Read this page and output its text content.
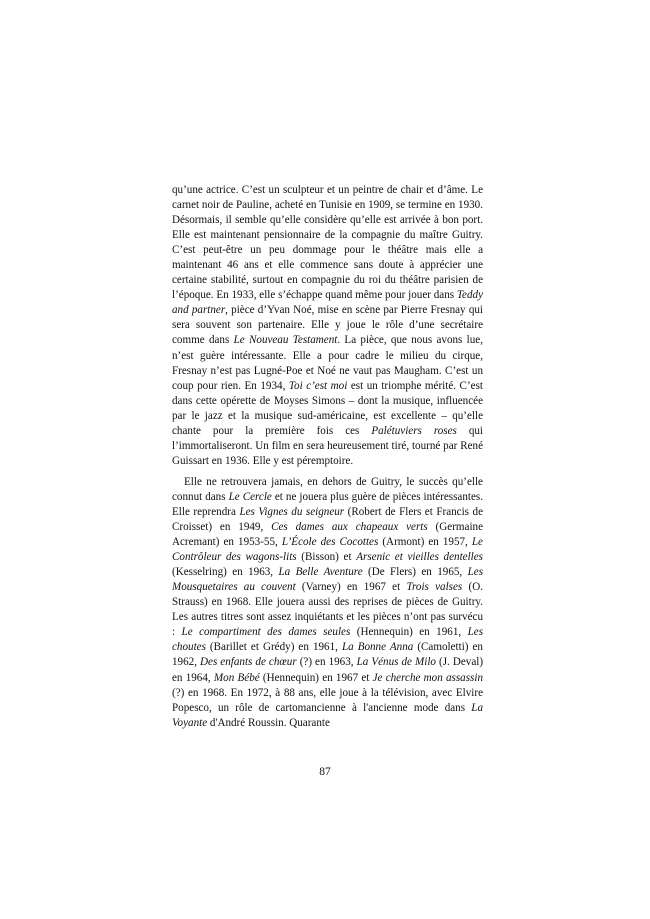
qu’une actrice. C’est un sculpteur et un peintre de chair et d’âme. Le carnet noir de Pauline, acheté en Tunisie en 1909, se termine en 1930. Désormais, il semble qu’elle considère qu’elle est arrivée à bon port. Elle est maintenant pensionnaire de la compagnie du maître Guitry. C’est peut-être un peu dommage pour le théâtre mais elle a maintenant 46 ans et elle commence sans doute à apprécier une certaine stabilité, surtout en compagnie du roi du théâtre parisien de l’époque. En 1933, elle s’échappe quand même pour jouer dans Teddy and partner, pièce d’Yvan Noé, mise en scène par Pierre Fresnay qui sera souvent son partenaire. Elle y joue le rôle d’une secrétaire comme dans Le Nouveau Testament. La pièce, que nous avons lue, n’est guère intéressante. Elle a pour cadre le milieu du cirque, Fresnay n’est pas Lugné-Poe et Noé ne vaut pas Maugham. C’est un coup pour rien. En 1934, Toi c’est moi est un triomphe mérité. C’est dans cette opérette de Moyses Simons – dont la musique, influencée par le jazz et la musique sud-américaine, est excellente – qu’elle chante pour la première fois ces Palétuviers roses qui l’immortaliseront. Un film en sera heureusement tiré, tourné par René Guissart en 1936. Elle y est péremptoire.

Elle ne retrouvera jamais, en dehors de Guitry, le succès qu’elle connut dans Le Cercle et ne jouera plus guère de pièces intéressantes. Elle reprendra Les Vignes du seigneur (Robert de Flers et Francis de Croisset) en 1949, Ces dames aux chapeaux verts (Germaine Acremant) en 1953-55, L’École des Cocottes (Armont) en 1957, Le Contrôleur des wagons-lits (Bisson) et Arsenic et vieilles dentelles (Kesselring) en 1963, La Belle Aventure (De Flers) en 1965, Les Mousquetaires au couvent (Varney) en 1967 et Trois valses (O. Strauss) en 1968. Elle jouera aussi des reprises de pièces de Guitry. Les autres titres sont assez inquiétants et les pièces n’ont pas survécu : Le compartiment des dames seules (Hennequin) en 1961, Les choutes (Barillet et Grédy) en 1961, La Bonne Anna (Camoletti) en 1962, Des enfants de chœur (?) en 1963, La Vénus de Milo (J. Deval) en 1964, Mon Bébé (Hennequin) en 1967 et Je cherche mon assassin (?) en 1968. En 1972, à 88 ans, elle joue à la télévision, avec Elvire Popesco, un rôle de cartomancienne à l'ancienne mode dans La Voyante d'André Roussin. Quarante

87
